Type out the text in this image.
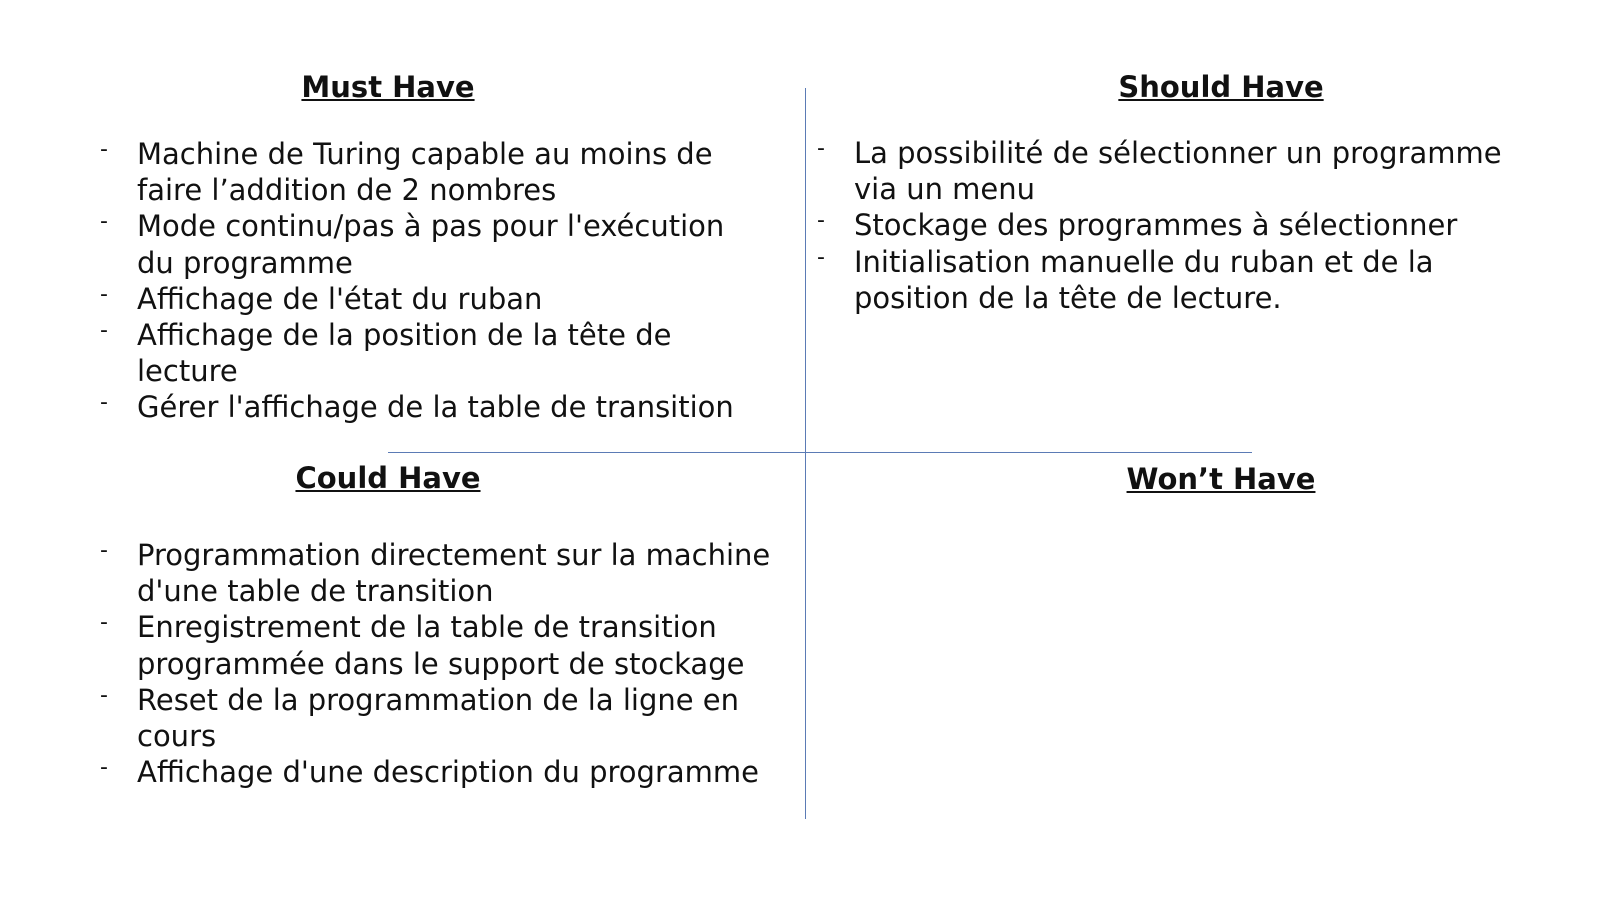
Must Have
- Machine de Turing capable au moins de faire l’addition de 2 nombres
- Mode continu/pas à pas pour l'exécution du programme
- Affichage de l'état du ruban
- Affichage de la position de la tête de lecture
- Gérer l'affichage de la table de transition
Should Have
- La possibilité de sélectionner un programme via un menu
- Stockage des programmes à sélectionner
- Initialisation manuelle du ruban et de la position de la tête de lecture.
Could Have
- Programmation directement sur la machine d'une table de transition
- Enregistrement de la table de transition programmée dans le support de stockage
- Reset de la programmation de la ligne en cours
- Affichage d'une description du programme
Won’t Have
